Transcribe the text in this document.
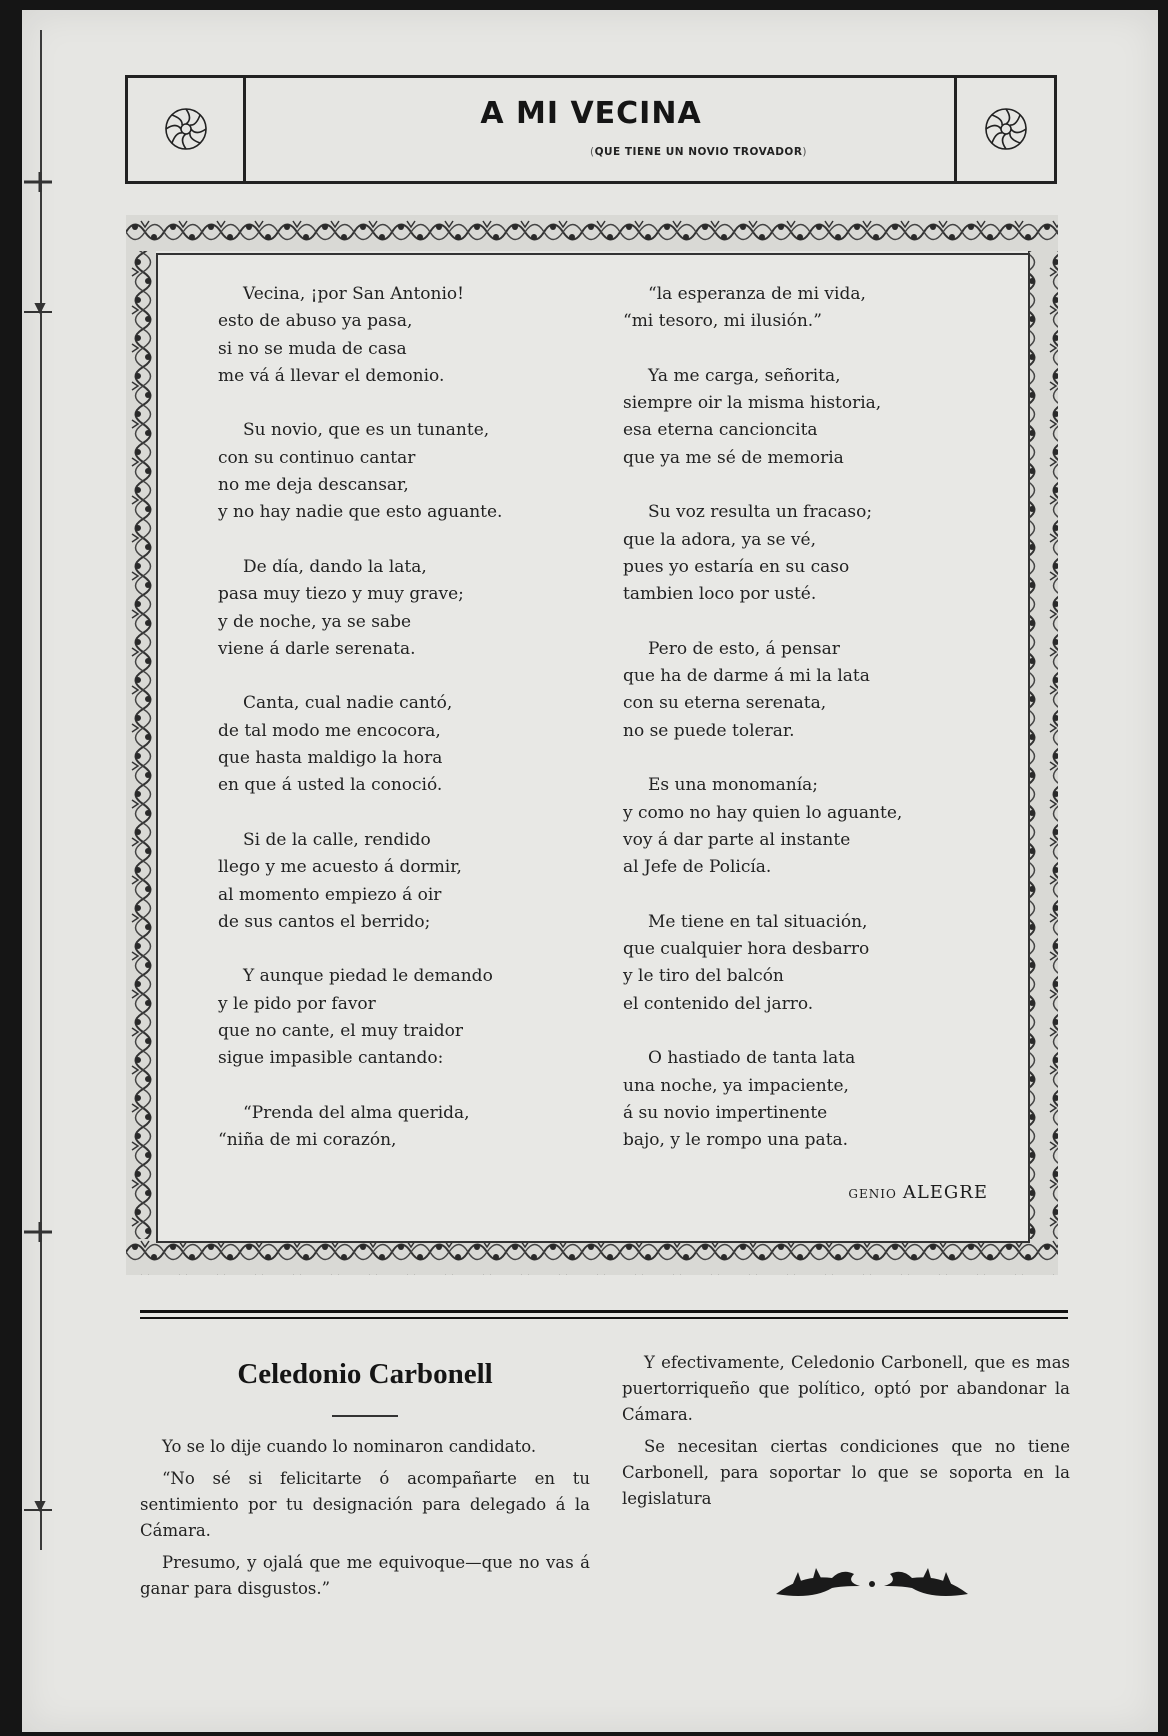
A MI VECINA
(QUE TIENE UN NOVIO TROVADOR)
Vecina, ¡por San Antonio!
esto de abuso ya pasa,
si no se muda de casa
me vá á llevar el demonio.
Su novio, que es un tunante,
con su continuo cantar
no me deja descansar,
y no hay nadie que esto aguante.
De día, dando la lata,
pasa muy tiezo y muy grave;
y de noche, ya se sabe
viene á darle serenata.
Canta, cual nadie cantó,
de tal modo me encocora,
que hasta maldigo la hora
en que á usted la conoció.
Si de la calle, rendido
llego y me acuesto á dormir,
al momento empiezo á oir
de sus cantos el berrido;
Y aunque piedad le demando
y le pido por favor
que no cante, el muy traidor
sigue impasible cantando:
“Prenda del alma querida,
“niña de mi corazón,
“la esperanza de mi vida,
“mi tesoro, mi ilusión.”
Ya me carga, señorita,
siempre oir la misma historia,
esa eterna cancioncita
que ya me sé de memoria
Su voz resulta un fracaso;
que la adora, ya se vé,
pues yo estaría en su caso
tambien loco por usté.
Pero de esto, á pensar
que ha de darme á mi la lata
con su eterna serenata,
no se puede tolerar.
Es una monomanía;
y como no hay quien lo aguante,
voy á dar parte al instante
al Jefe de Policía.
Me tiene en tal situación,
que cualquier hora desbarro
y le tiro del balcón
el contenido del jarro.
O hastiado de tanta lata
una noche, ya impaciente,
á su novio impertinente
bajo, y le rompo una pata.
GENIO ALEGRE
Celedonio Carbonell

Yo se lo dije cuando lo nominaron candidato.

“No sé si felicitarte ó acompañarte en tu sentimiento por tu designación para delegado á la Cámara.

Presumo, y ojalá que me equivoque—que no vas á ganar para disgustos.”

Y efectivamente, Celedonio Carbonell, que es mas puertorriqueño que político, optó por abandonar la Cámara.

Se necesitan ciertas condiciones que no tiene Carbonell, para soportar lo que se soporta en la legislatura
